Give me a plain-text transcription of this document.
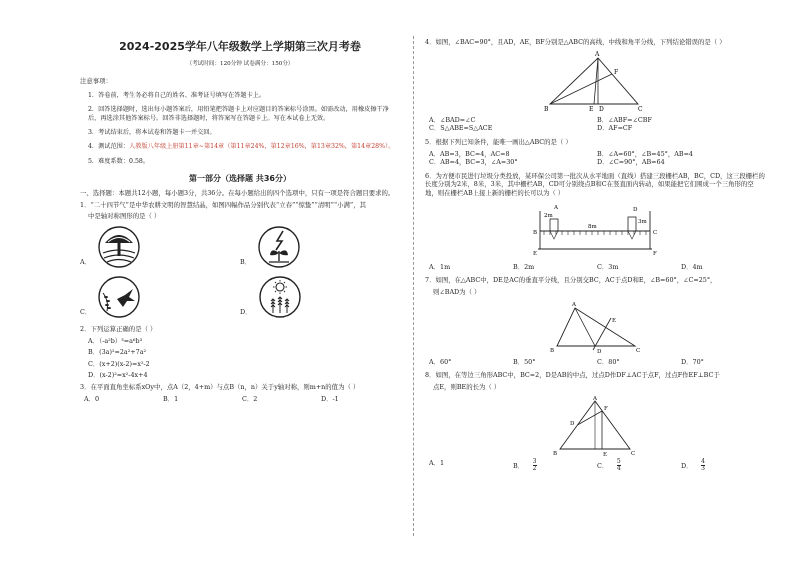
2024-2025学年八年级数学上学期第三次月考卷
（考试时间：120分钟 试卷满分：150分）
注意事项：
1．答卷前，考生务必将自己的姓名、准考证号填写在答题卡上。
2．回答选择题时，选出每小题答案后，用铅笔把答题卡上对应题目的答案标号涂黑。如需改动，用橡皮擦干净后，再选涂其他答案标号。回答非选择题时，将答案写在答题卡上。写在本试卷上无效。
3．考试结束后，将本试卷和答题卡一并交回。
4．测试范围：人教版八年级上册第11章~第14章（第11章24%，第12章16%，第13章32%，第14章28%）。
5．难度系数：0.58。
第一部分（选择题 共36分）
一、选择题：本题共12小题，每小题3分，共36分。在每小题给出的四个选项中，只有一项是符合题目要求的。
1．“二十四节气”是中华农耕文明的智慧结晶，如图四幅作品分别代表“立春”“惊蛰”“清明”“小满”，其
中是轴对称图形的是（ ）
A．	B．
C．	D．
2．下列运算正确的是（ ）
A．（-a²b）³=a⁶b³
B．(3a)²=2a²+7a²
C．(x+2)(x-2)=x²-2
D．(x-2)²=x²-4x+4
3．在平面直角坐标系xOy中，点A（2，4+m）与点B（n，n）关于y轴对称，则m+n的值为（ ）
A．0	B．1	C．2	D．-1
4．如图，∠BAC=90°，且AD，AE，BF分别是△ABC的高线，中线和角平分线，下列结论错误的是（ ）
A
B	C
D
E
F
A．∠BAD=∠C	B．∠ABF=∠CBF
C．S△ABE=S△ACE	D．AF=CF
5．根据下列已知条件，能唯一画出△ABC的是（ ）
A．AB=3，BC=4，AC=8	B．∠A=60°，∠B=45°，AB=4
C．AB=4，BC=3，∠A=30°	D．∠C=90°，AB=64
6．为方便市民进行垃圾分类投放，某环保公司第一批次从水平地面（直线）搭建三段栅栏AB，BC，CD，这三段栅栏的长度分别为2米，8米，3米，其中栅栏AB，CD可分别绕点B和C在竖直面内转动，如果能把它们围成一个三角形的空地，则在栅栏AB上接上新的栅栏的长可以为（ ）
2m
8m
3m
A
B	C
D
E	F
A．1m	B．2m	C．3m	D．4m
7．如图，在△ABC中，DE是AC的垂直平分线，且分别交BC，AC于点D和E，∠B=60°，∠C=25°，
则∠BAD为（ ）
A
B	C
D
E
A．60°	B．50°	C．80°	D．70°
8．如图，在等边三角形ABC中，BC=2，D是AB的中点，过点D作DF⊥AC于点F，过点F作EF⊥BC于
点E，则BE的长为（ ）
A
B	C
D
E
F
A．1	B． $\frac{3}{2}$	C． $\frac{5}{4}$	D． $\frac{4}{3}$
